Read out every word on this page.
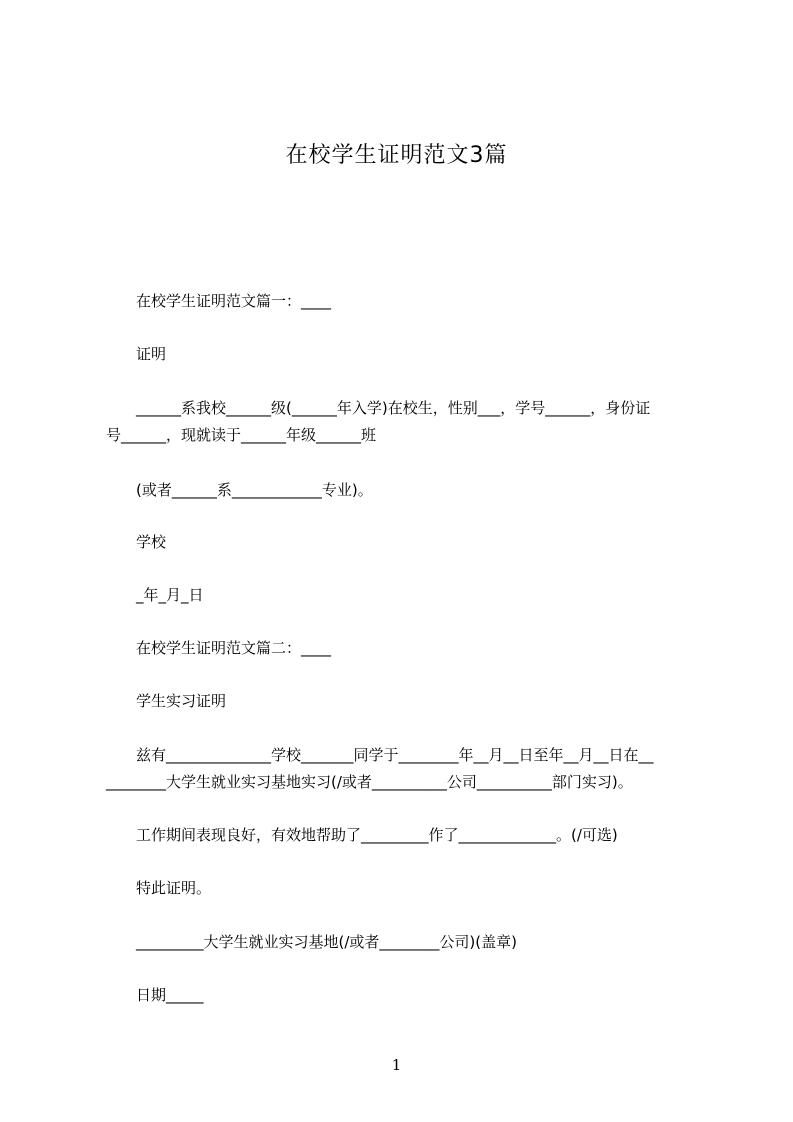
在校学生证明范文3篇
在校学生证明范文篇一：____
证明
______系我校______级(______年入学)在校生，性别___，学号______，身份证
号______，现就读于______年级______班
(或者______系____________专业)。
学校
_年_月_日
在校学生证明范文篇二：____
学生实习证明
兹有______________学校_______同学于________年__月__日至年__月__日在__
________大学生就业实习基地实习(/或者__________公司__________部门实习)。
工作期间表现良好，有效地帮助了_________作了_____________。(/可选)
特此证明。
_________大学生就业实习基地(/或者________公司)(盖章)
日期_____
1
